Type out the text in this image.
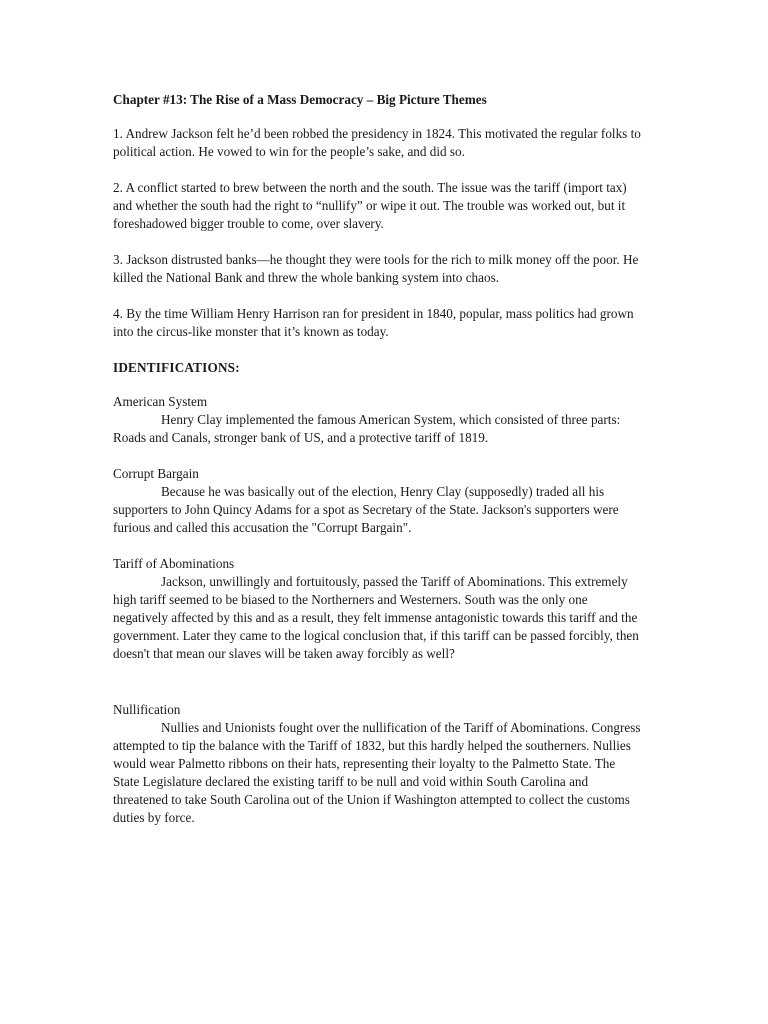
Chapter #13: The Rise of a Mass Democracy – Big Picture Themes
1. Andrew Jackson felt he’d been robbed the presidency in 1824. This motivated the regular folks to political action. He vowed to win for the people’s sake, and did so.
2. A conflict started to brew between the north and the south. The issue was the tariff (import tax) and whether the south had the right to “nullify” or wipe it out. The trouble was worked out, but it foreshadowed bigger trouble to come, over slavery.
3. Jackson distrusted banks—he thought they were tools for the rich to milk money off the poor. He killed the National Bank and threw the whole banking system into chaos.
4. By the time William Henry Harrison ran for president in 1840, popular, mass politics had grown into the circus-like monster that it’s known as today.
IDENTIFICATIONS:
American System
Henry Clay implemented the famous American System, which consisted of three parts: Roads and Canals, stronger bank of US, and a protective tariff of 1819.
Corrupt Bargain
Because he was basically out of the election, Henry Clay (supposedly) traded all his supporters to John Quincy Adams for a spot as Secretary of the State. Jackson's supporters were furious and called this accusation the "Corrupt Bargain".
Tariff of Abominations
Jackson, unwillingly and fortuitously, passed the Tariff of Abominations. This extremely high tariff seemed to be biased to the Northerners and Westerners. South was the only one negatively affected by this and as a result, they felt immense antagonistic towards this tariff and the government. Later they came to the logical conclusion that, if this tariff can be passed forcibly, then doesn't that mean our slaves will be taken away forcibly as well?
Nullification
Nullies and Unionists fought over the nullification of the Tariff of Abominations. Congress attempted to tip the balance with the Tariff of 1832, but this hardly helped the southerners. Nullies would wear Palmetto ribbons on their hats, representing their loyalty to the Palmetto State. The State Legislature declared the existing tariff to be null and void within South Carolina and threatened to take South Carolina out of the Union if Washington attempted to collect the customs duties by force.
